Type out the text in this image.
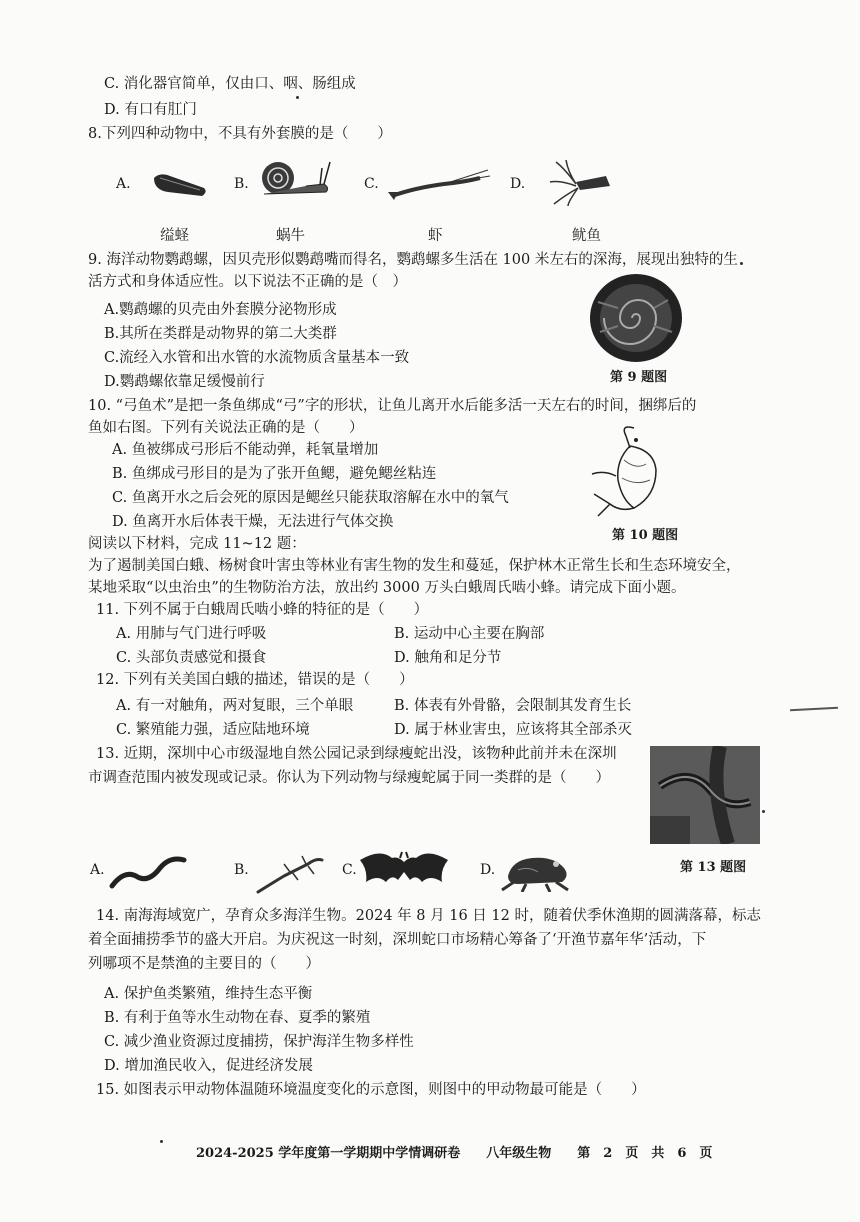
C. 消化器官简单，仅由口、咽、肠组成
D. 有口有肛门
8.下列四种动物中，不具有外套膜的是（　　）
A.	B.	C.	D.
缢蛏	蜗牛	虾	鱿鱼
9. 海洋动物鹦鹉螺，因贝壳形似鹦鹉嘴而得名，鹦鹉螺多生活在 100 米左右的深海，展现出独特的生
活方式和身体适应性。以下说法不正确的是（　）
A.鹦鹉螺的贝壳由外套膜分泌物形成
B.其所在类群是动物界的第二大类群
C.流经入水管和出水管的水流物质含量基本一致
D.鹦鹉螺依靠足缓慢前行	第 9 题图
10. “弓鱼术”是把一条鱼绑成“弓”字的形状，让鱼儿离开水后能多活一天左右的时间，捆绑后的
鱼如右图。下列有关说法正确的是（　　）
A. 鱼被绑成弓形后不能动弹，耗氧量增加
B. 鱼绑成弓形目的是为了张开鱼鳃，避免鳃丝粘连
C. 鱼离开水之后会死的原因是鳃丝只能获取溶解在水中的氧气
D. 鱼离开水后体表干燥，无法进行气体交换
第 10 题图
阅读以下材料，完成 11~12 题：
为了遏制美国白蛾、杨树食叶害虫等林业有害生物的发生和蔓延，保护林木正常生长和生态环境安全，
某地采取“以虫治虫”的生物防治方法，放出约 3000 万头白蛾周氏啮小蜂。请完成下面小题。
11. 下列不属于白蛾周氏啮小蜂的特征的是（　　）
A. 用肺与气门进行呼吸	B. 运动中心主要在胸部
C. 头部负责感觉和摄食	D. 触角和足分节
12. 下列有关美国白蛾的描述，错误的是（　　）
A. 有一对触角，两对复眼，三个单眼	B. 体表有外骨骼，会限制其发育生长
C. 繁殖能力强，适应陆地环境	D. 属于林业害虫，应该将其全部杀灭
13. 近期，深圳中心市级湿地自然公园记录到绿瘦蛇出没，该物种此前并未在深圳
市调查范围内被发现或记录。你认为下列动物与绿瘦蛇属于同一类群的是（　　）
第 13 题图
A.	B.	C.	D.
14. 南海海域宽广，孕育众多海洋生物。2024 年 8 月 16 日 12 时，随着伏季休渔期的圆满落幕，标志
着全面捕捞季节的盛大开启。为庆祝这一时刻，深圳蛇口市场精心筹备了‘开渔节嘉年华’活动，下
列哪项不是禁渔的主要目的（　　）
A. 保护鱼类繁殖，维持生态平衡
B. 有利于鱼等水生动物在春、夏季的繁殖
C. 减少渔业资源过度捕捞，保护海洋生物多样性
D. 增加渔民收入，促进经济发展
15. 如图表示甲动物体温随环境温度变化的示意图，则图中的甲动物最可能是（　　）
2024-2025 学年度第一学期期中学情调研卷　　八年级生物　　第　2　页　共　6　页
